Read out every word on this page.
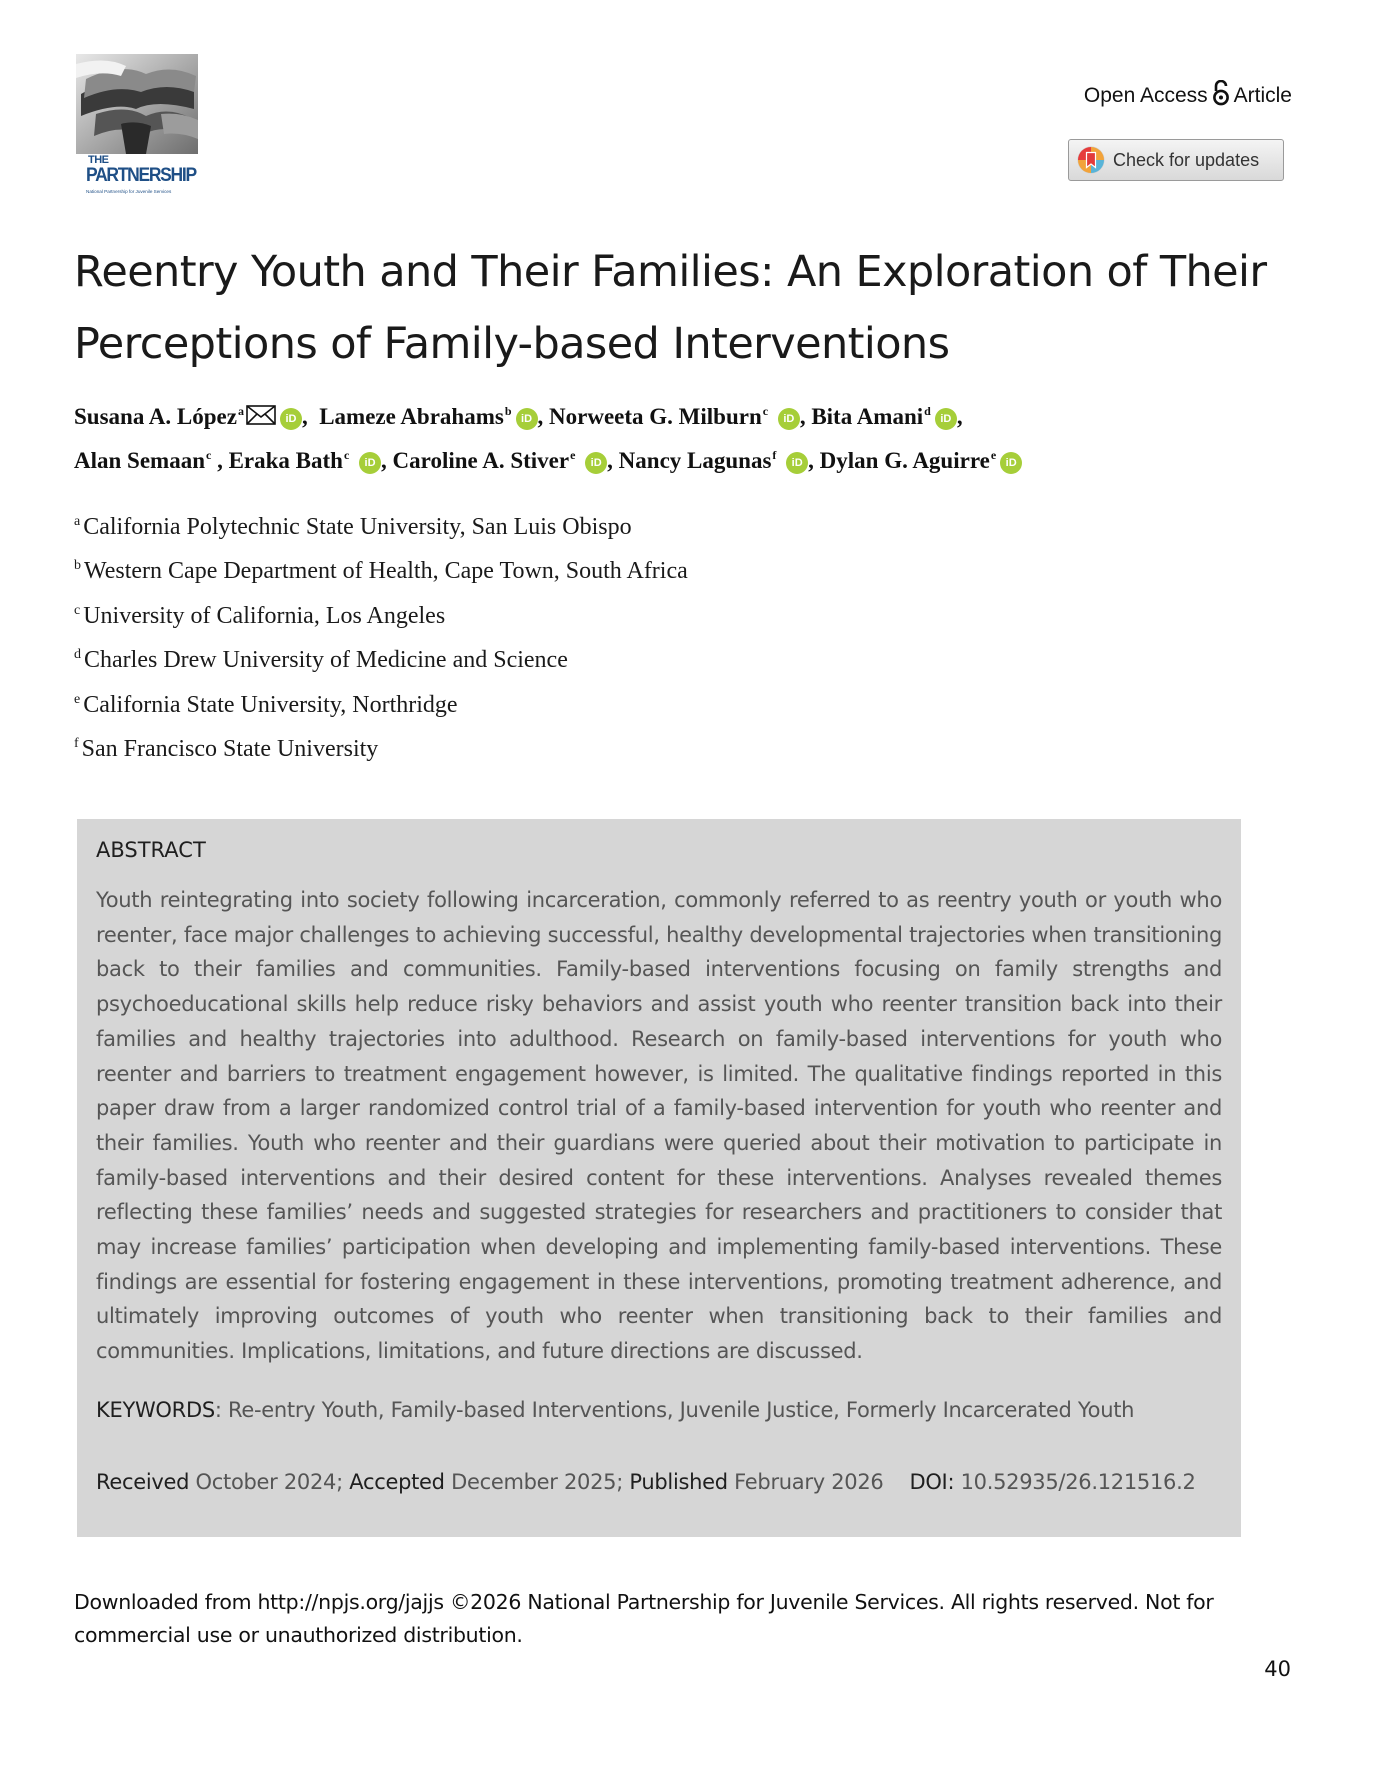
THE
PARTNERSHIP
National Partnership for Juvenile Services
Open Access Article
Check for updates
Reentry Youth and Their Families: An Exploration of Their Perceptions of Family-based Interventions
Susana A. López$^a$iD ,  Lameze Abrahams$^b$iD , Norweeta G. Milburn$^c$ iD , Bita Amani$^d$iD ,
Alan Semaan$^c$ , Eraka Bath$^c$ iD , Caroline A. Stiver$^e$ iD , Nancy Lagunas$^f$ iD , Dylan G. Aguirre$^e$iD
$^a$ California Polytechnic State University, San Luis Obispo
$^b$ Western Cape Department of Health, Cape Town, South Africa
$^c$ University of California, Los Angeles
$^d$ Charles Drew University of Medicine and Science
$^e$ California State University, Northridge
$^f$ San Francisco State University
ABSTRACT

Youth reintegrating into society following incarceration, commonly referred to as reentry youth or youth who reenter, face major challenges to achieving successful, healthy developmental trajectories when transitioning back to their families and communities. Family-based interventions focusing on family strengths and psychoeducational skills help reduce risky behaviors and assist youth who reenter transition back into their families and healthy trajectories into adulthood. Research on family-based interventions for youth who reenter and barriers to treatment engagement however, is limited. The qualitative findings reported in this paper draw from a larger randomized control trial of a family-based intervention for youth who reenter and their families. Youth who reenter and their guardians were queried about their motivation to participate in family-based interventions and their desired content for these interventions. Analyses revealed themes reflecting these families’ needs and suggested strategies for researchers and practitioners to consider that may increase families’ participation when developing and implementing family-based interventions. These findings are essential for fostering engagement in these interventions, promoting treatment adherence, and ultimately improving outcomes of youth who reenter when transitioning back to their families and communities. Implications, limitations, and future directions are discussed.

KEYWORDS: Re-entry Youth, Family-based Interventions, Juvenile Justice, Formerly Incarcerated Youth
Received October 2024; Accepted December 2025; Published February 2026 DOI: 10.52935/26.121516.2
Downloaded from http://npjs.org/jajjs ©2026 National Partnership for Juvenile Services. All rights reserved. Not for commercial use or unauthorized distribution.
40
